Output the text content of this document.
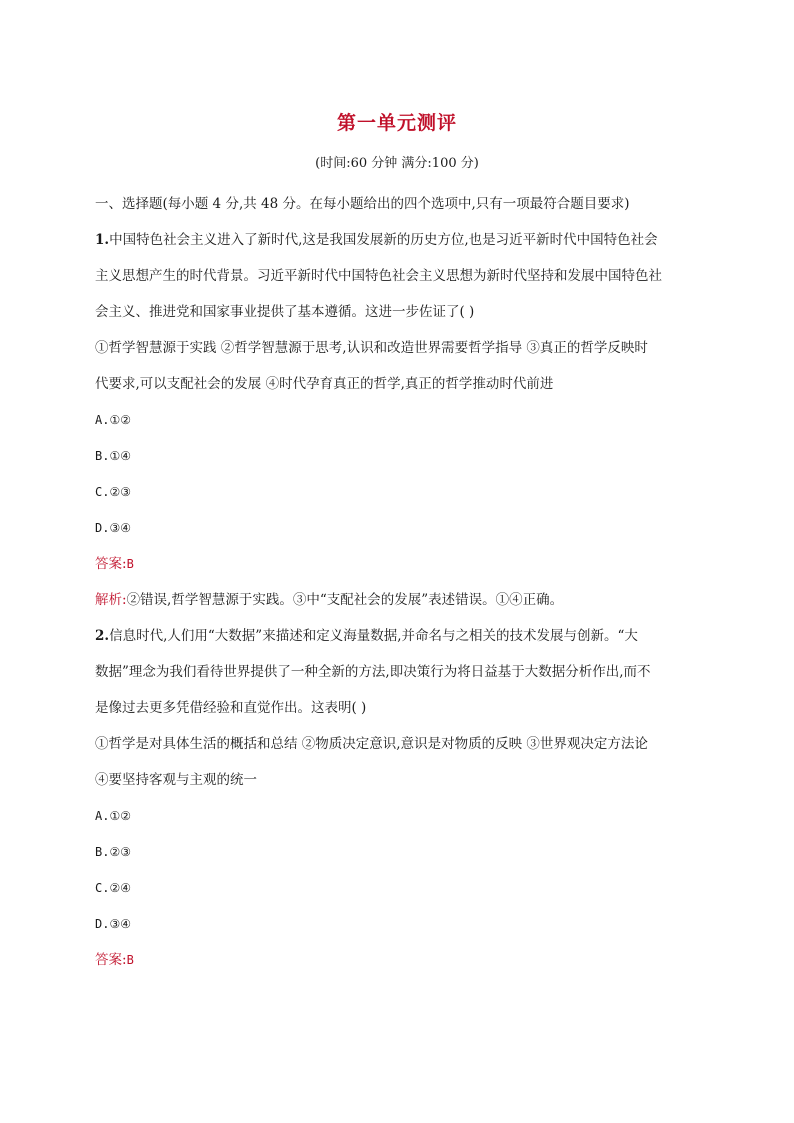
第一单元测评
(时间:60 分钟 满分:100 分)
一、选择题(每小题 4 分,共 48 分。在每小题给出的四个选项中,只有一项最符合题目要求)
1.中国特色社会主义进入了新时代,这是我国发展新的历史方位,也是习近平新时代中国特色社会
主义思想产生的时代背景。习近平新时代中国特色社会主义思想为新时代坚持和发展中国特色社
会主义、推进党和国家事业提供了基本遵循。这进一步佐证了( )
①哲学智慧源于实践 ②哲学智慧源于思考,认识和改造世界需要哲学指导 ③真正的哲学反映时
代要求,可以支配社会的发展 ④时代孕育真正的哲学,真正的哲学推动时代前进
A.①②
B.①④
C.②③
D.③④
答案:B
解析:②错误,哲学智慧源于实践。③中“支配社会的发展”表述错误。①④正确。
2.信息时代,人们用“大数据”来描述和定义海量数据,并命名与之相关的技术发展与创新。“大
数据”理念为我们看待世界提供了一种全新的方法,即决策行为将日益基于大数据分析作出,而不
是像过去更多凭借经验和直觉作出。这表明( )
①哲学是对具体生活的概括和总结 ②物质决定意识,意识是对物质的反映 ③世界观决定方法论
④要坚持客观与主观的统一
A.①②
B.②③
C.②④
D.③④
答案:B
